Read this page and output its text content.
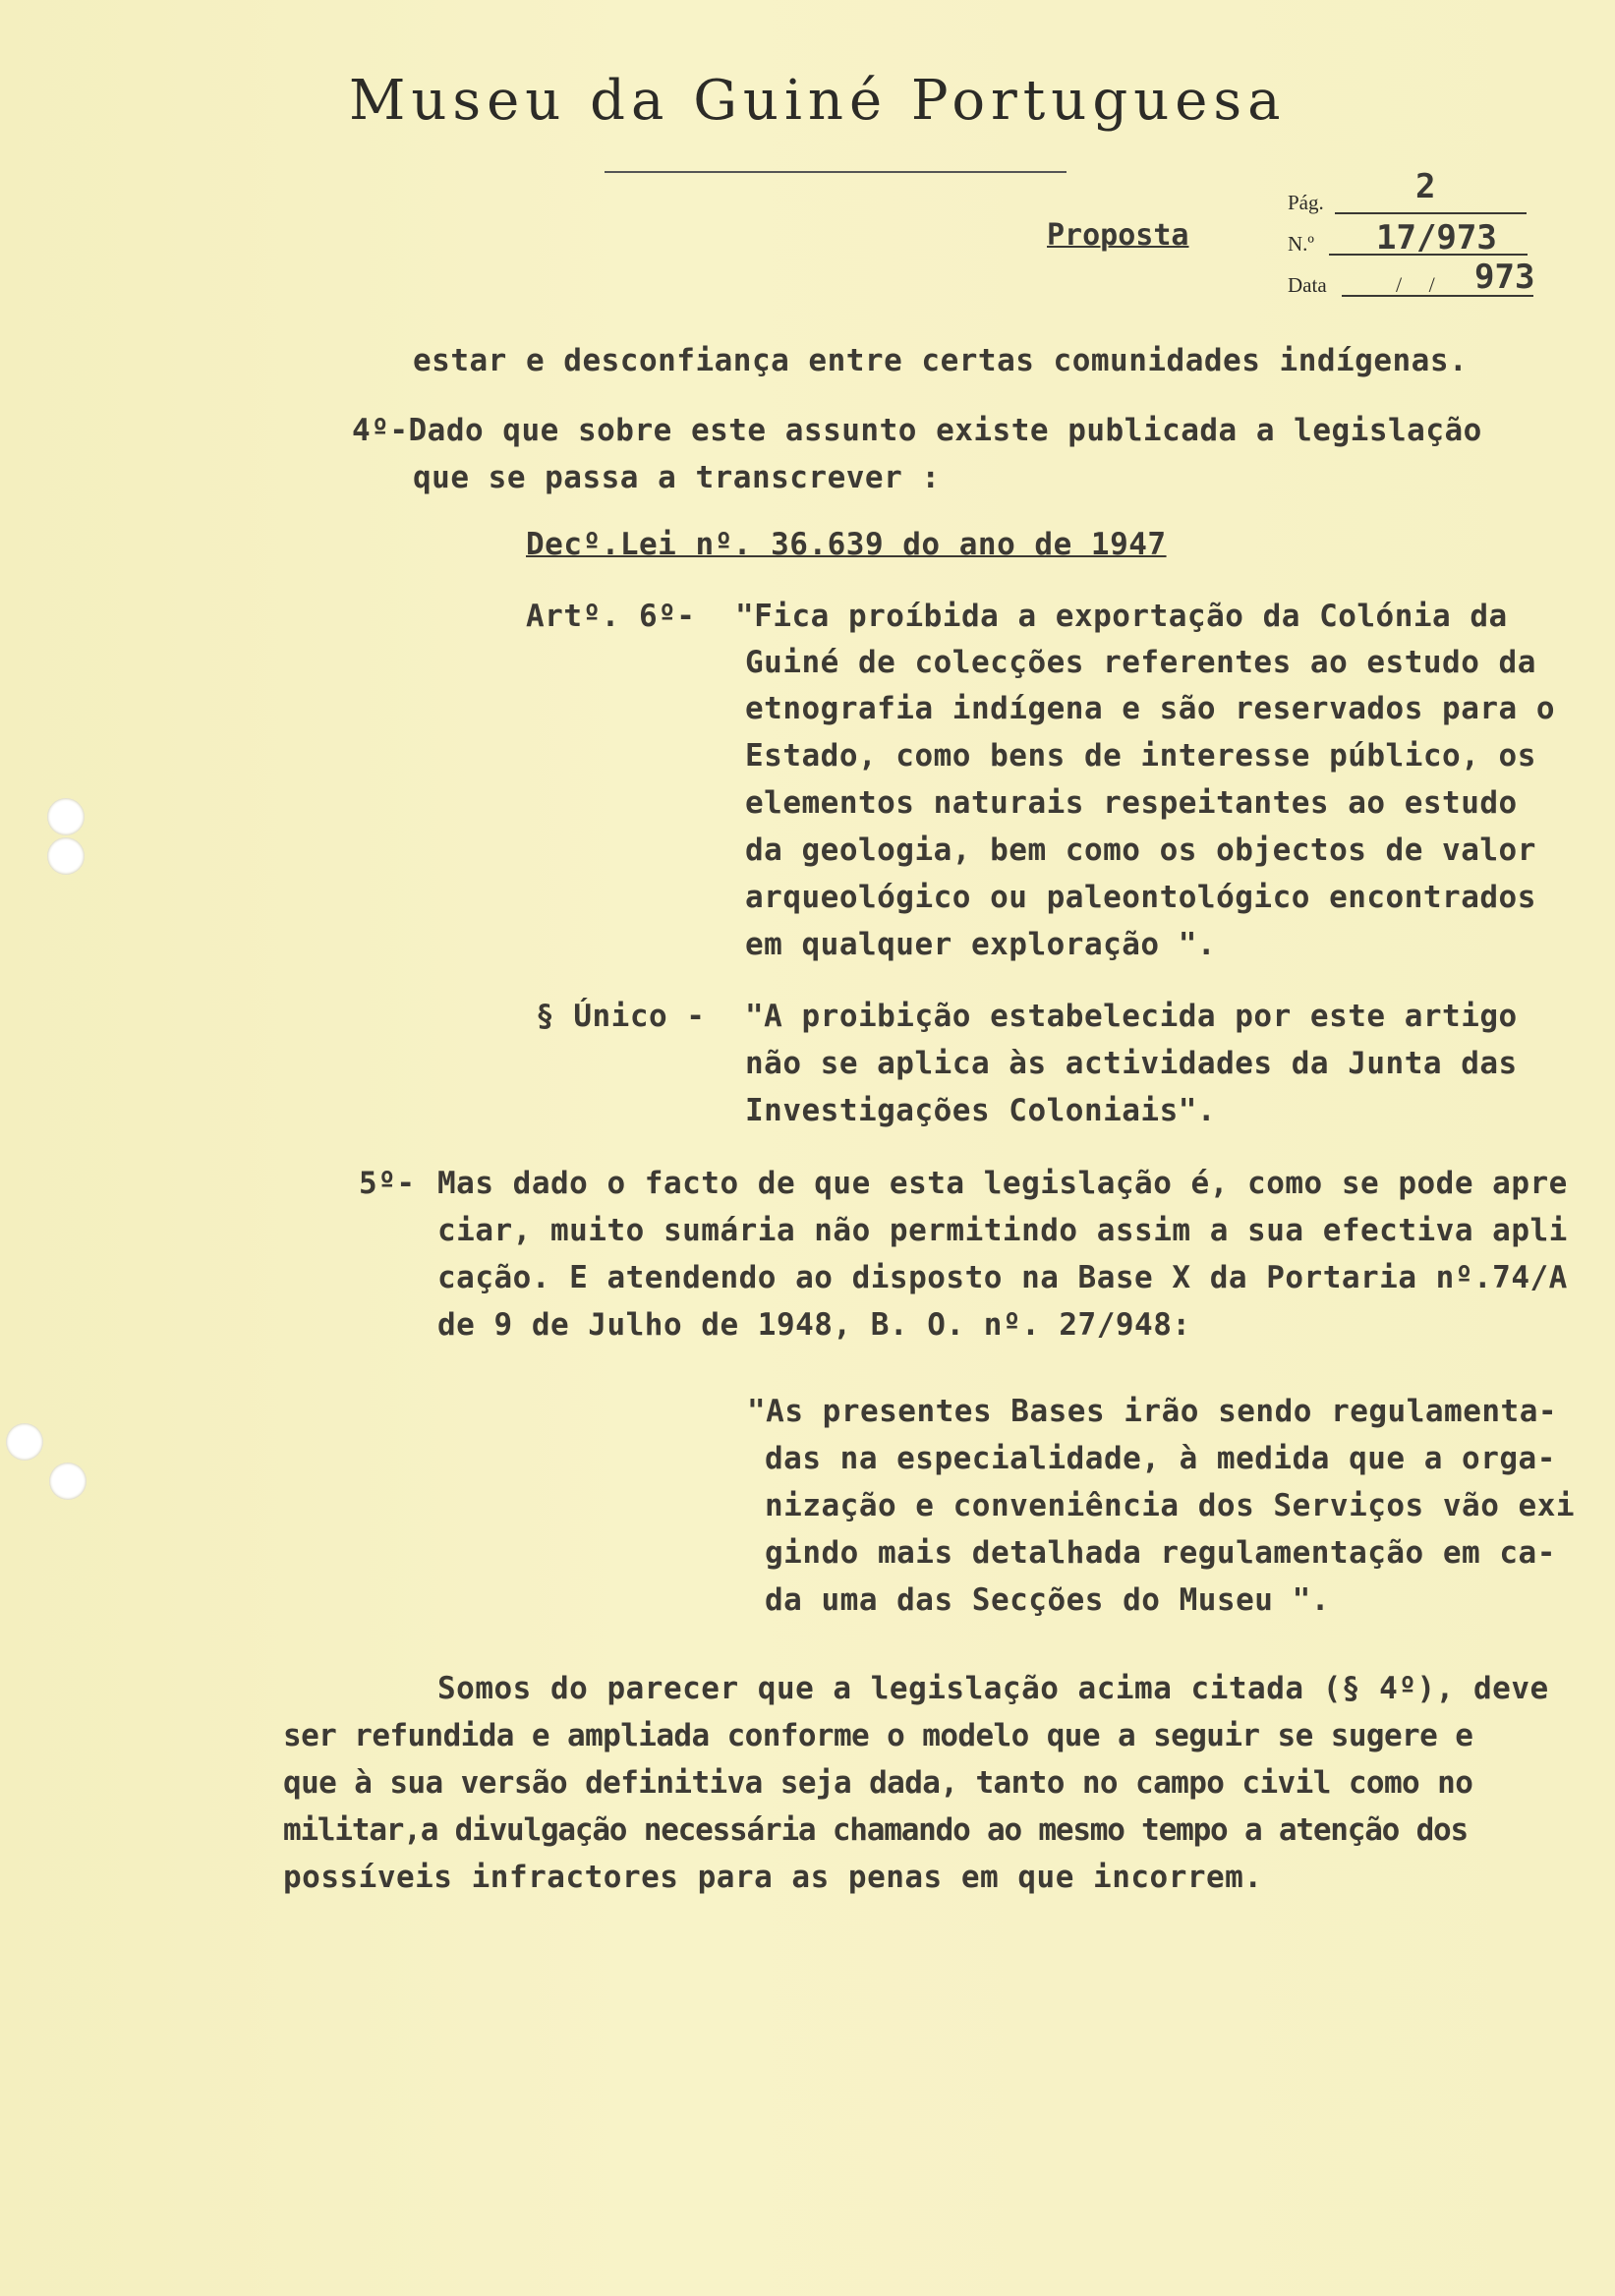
Museu da Guiné Portuguesa
Pág.	2
Proposta	N.º 17/973
Data	/               / 973
estar e desconfiança entre certas comunidades indígenas.
4º-Dado que sobre este assunto existe publicada a legislação
que se passa a transcrever :
Decº.Lei nº. 36.639 do ano de 1947
Artº. 6º- "Fica proíbida a exportação da Colónia da
Guiné de colecções referentes ao estudo da
etnografia indígena e são reservados para o
Estado, como bens de interesse público, os
elementos naturais respeitantes ao estudo
da geologia, bem como os objectos de valor
arqueológico ou paleontológico encontrados
em qualquer exploração ".
§ Único - "A proibição estabelecida por este artigo
não se aplica às actividades da Junta das
Investigações Coloniais".
5º- Mas dado o facto de que esta legislação é, como se pode apre
ciar, muito sumária não permitindo assim a sua efectiva apli
cação. E atendendo ao disposto na Base X da Portaria nº.74/A
de 9 de Julho de 1948, B. O. nº. 27/948:
"As presentes Bases irão sendo regulamenta-
das na especialidade, à medida que a orga-
nização e conveniência dos Serviços vão exi
gindo mais detalhada regulamentação em ca-
da uma das Secções do Museu ".
Somos do parecer que a legislação acima citada (§ 4º), deve
ser refundida e ampliada conforme o modelo que a seguir se sugere e
que à sua versão definitiva seja dada, tanto no campo civil como no
militar,a divulgação necessária chamando ao mesmo tempo a atenção dos
possíveis infractores para as penas em que incorrem.
